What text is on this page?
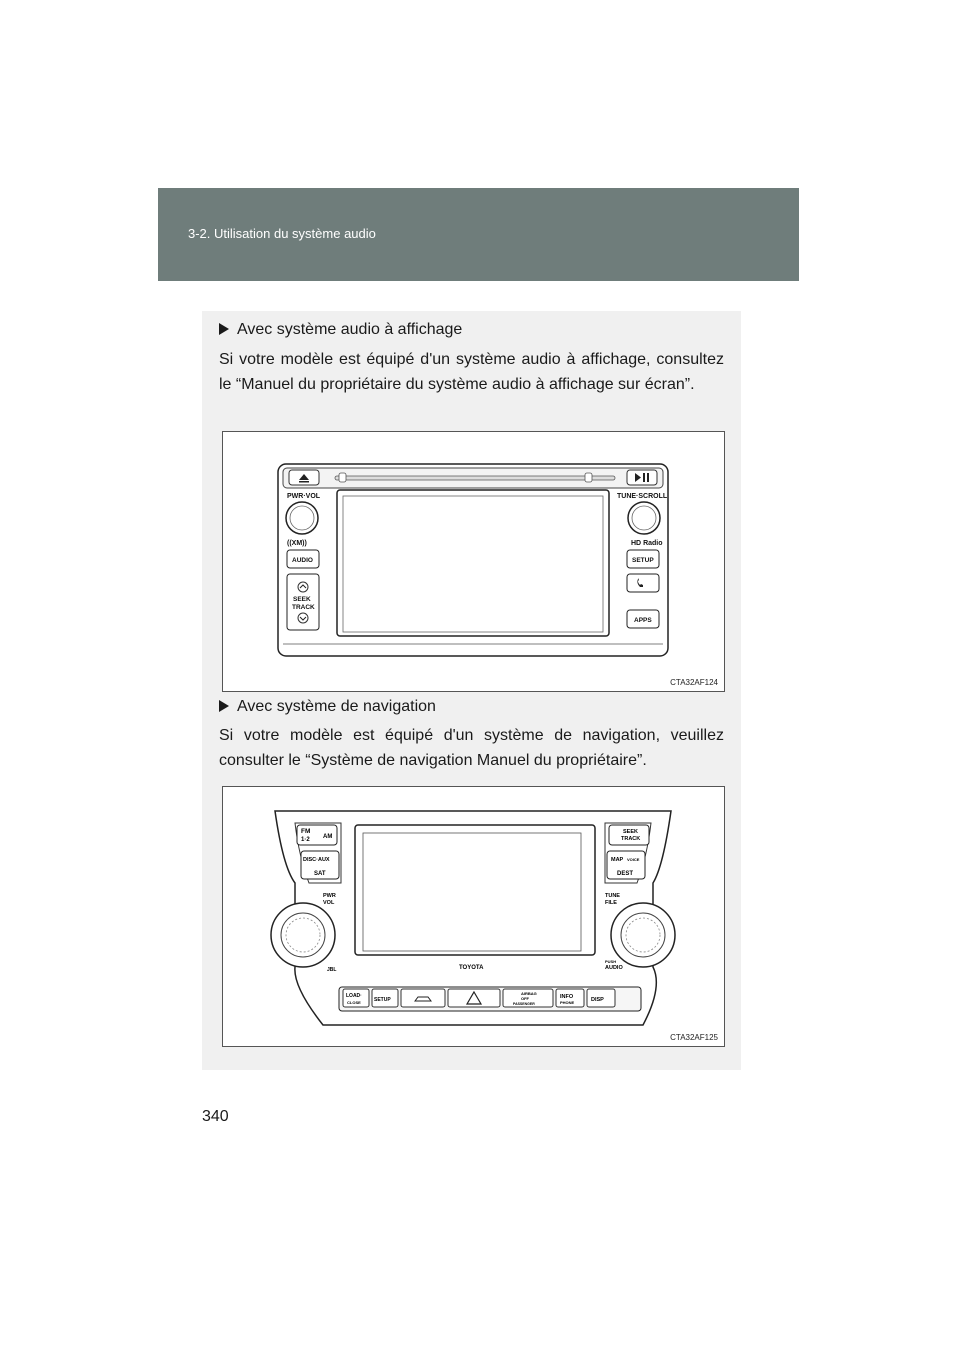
3-2. Utilisation du système audio
Avec système audio à affichage
Si votre modèle est équipé d'un système audio à affichage, consultez le “Manuel du propriétaire du système audio à affichage sur écran”.
PWR·VOL	TUNE·SCROLL
((XM))
AUDIO
SEEK
TRACK
HD Radio
SETUP
APPS
CTA32AF124
Avec système de navigation
Si votre modèle est équipé d'un système de navigation, veuillez consulter le “Système de navigation Manuel du propriétaire”.
FM
1·2 AM
DISC·AUX
SAT
SEEK
TRACK
MAP VOICE
DEST
TOYOTA
PWR
VOL
TUNE
FILE
PUSH
AUDIO
JBL
LOAD·
CLOSE	SETUP
AIRBAG
OFF
PASSENGER
INFO
PHONE	DISP
CTA32AF125
340
